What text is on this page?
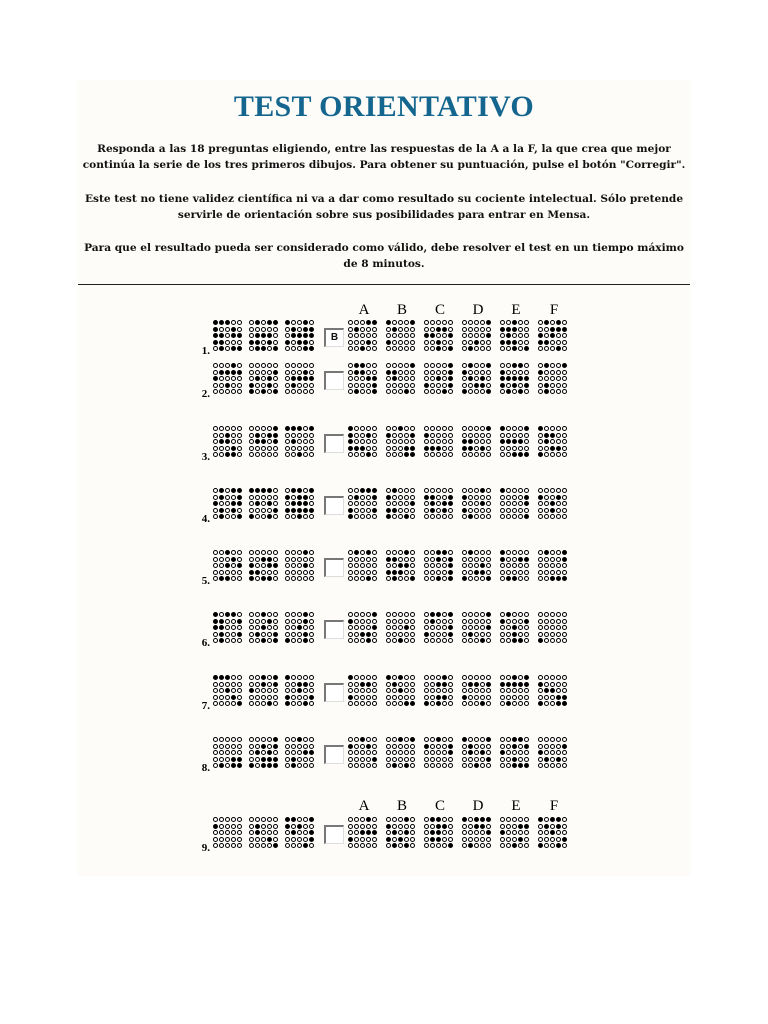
TEST ORIENTATIVO

Responda a las 18 preguntas eligiendo, entre las respuestas de la A a la F, la que crea que mejor continúa la serie de los tres primeros dibujos. Para obtener su puntuación, pulse el botón "Corregir".

Este test no tiene validez científica ni va a dar como resultado su cociente intelectual. Sólo pretende servirle de orientación sobre sus posibilidades para entrar en Mensa.

Para que el resultado pueda ser considerado como válido, debe resolver el test en un tiempo máximo de 8 minutos.

A	B	C	D	E	F
A	B	C	D	E	F
1.
B
2.
3.
4.
5.
6.
7.
8.
9.
